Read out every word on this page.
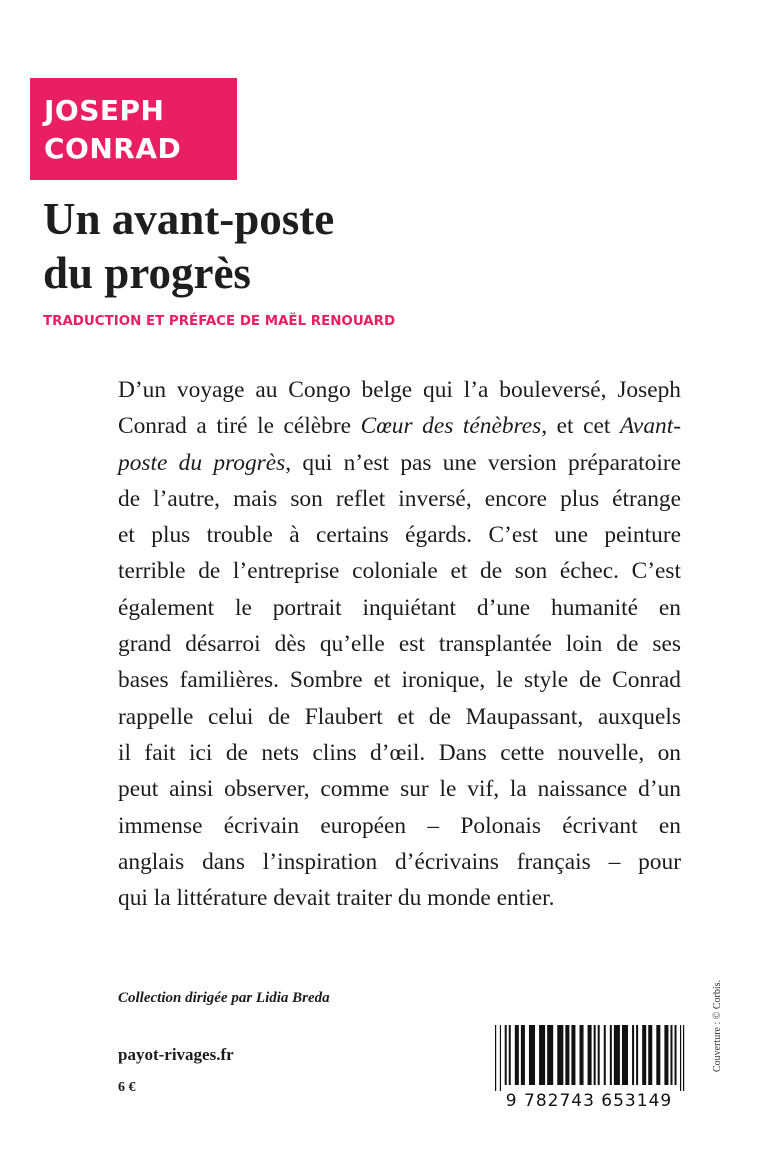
JOSEPH
CONRAD
Un avant-poste
du progrès
TRADUCTION ET PRÉFACE DE MAËL RENOUARD
D’un voyage au Congo belge qui l’a bouleversé, Joseph
Conrad a tiré le célèbre Cœur des ténèbres, et cet Avant-
poste du progrès, qui n’est pas une version préparatoire
de l’autre, mais son reflet inversé, encore plus étrange
et plus trouble à certains égards. C’est une peinture
terrible de l’entreprise coloniale et de son échec. C’est
également le portrait inquiétant d’une humanité en
grand désarroi dès qu’elle est transplantée loin de ses
bases familières. Sombre et ironique, le style de Conrad
rappelle celui de Flaubert et de Maupassant, auxquels
il fait ici de nets clins d’œil. Dans cette nouvelle, on
peut ainsi observer, comme sur le vif, la naissance d’un
immense écrivain européen – Polonais écrivant en
anglais dans l’inspiration d’écrivains français – pour
qui la littérature devait traiter du monde entier.
Collection dirigée par Lidia Breda
payot-rivages.fr
6 €
9 782743 653149
Couverture : © Corbis.
